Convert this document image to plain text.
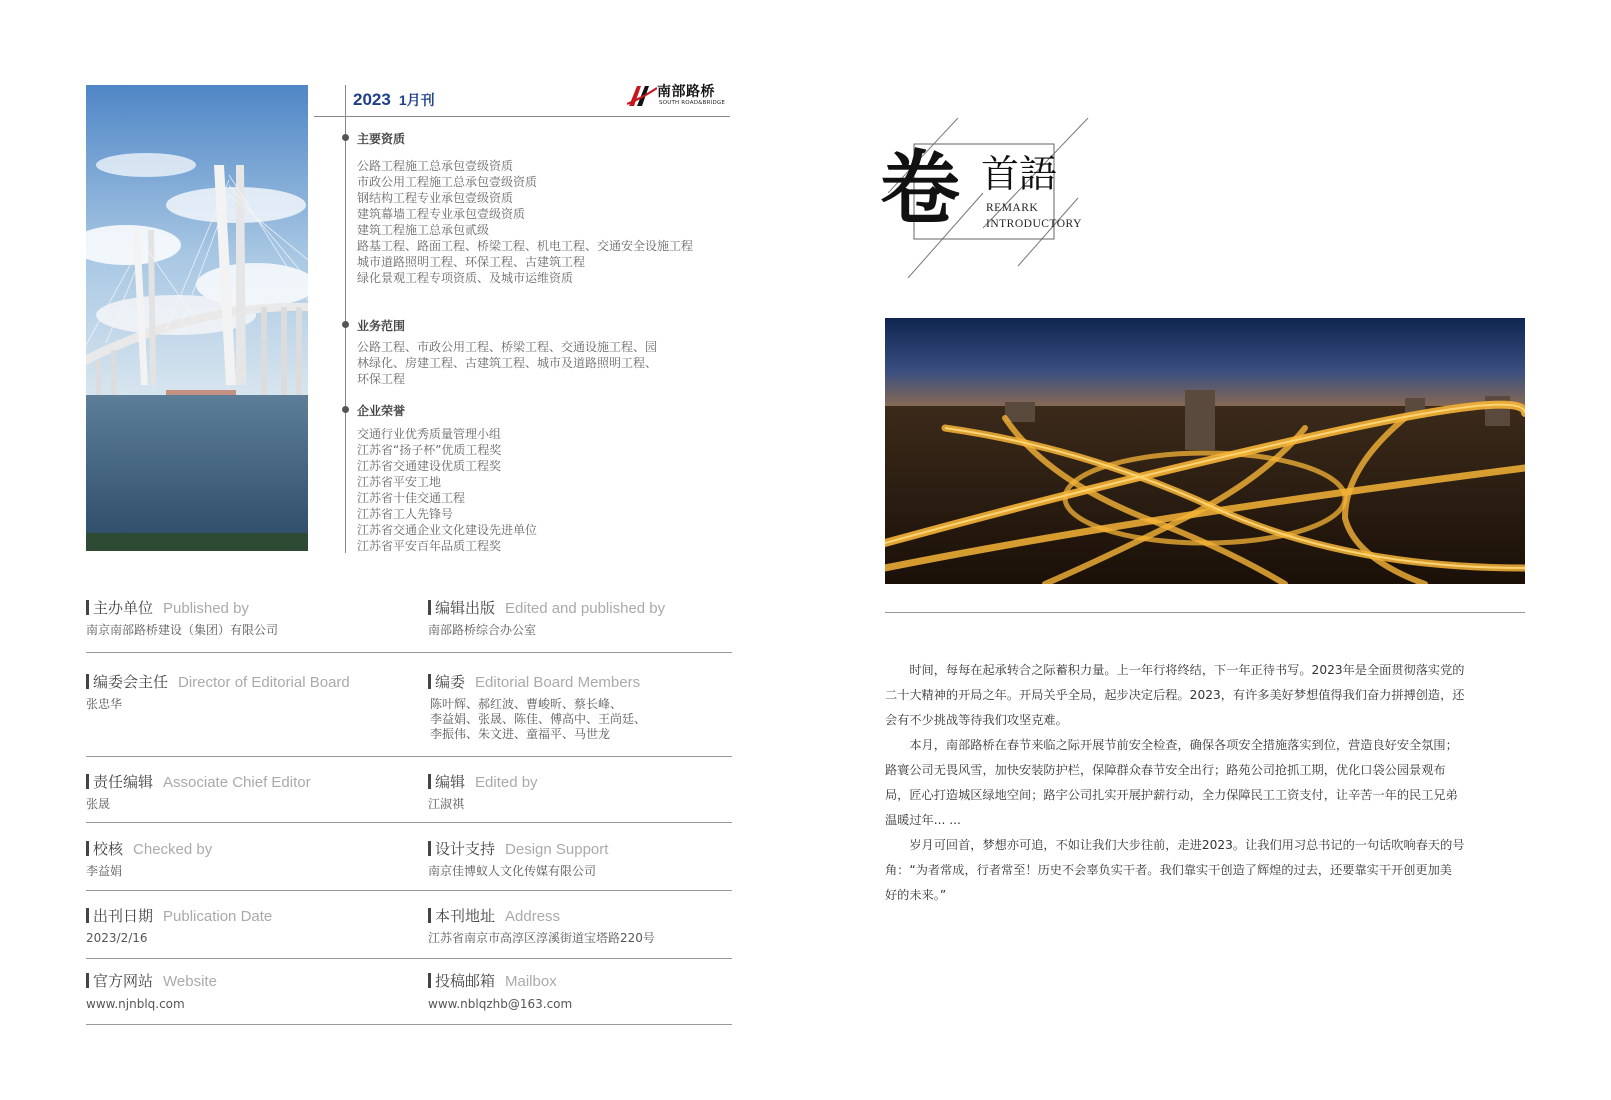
2023 1月刊	南部路桥
SOUTH ROAD&BRIDGE
主要资质
公路工程施工总承包壹级资质
市政公用工程施工总承包壹级资质
钢结构工程专业承包壹级资质
建筑幕墙工程专业承包壹级资质
建筑工程施工总承包贰级
路基工程、路面工程、桥梁工程、机电工程、交通安全设施工程
城市道路照明工程、环保工程、古建筑工程
绿化景观工程专项资质、及城市运维资质
业务范围
公路工程、市政公用工程、桥梁工程、交通设施工程、园
林绿化、房建工程、古建筑工程、城市及道路照明工程、
环保工程
企业荣誉
交通行业优秀质量管理小组
江苏省“扬子杯”优质工程奖
江苏省交通建设优质工程奖
江苏省平安工地
江苏省十佳交通工程
江苏省工人先锋号
江苏省交通企业文化建设先进单位
江苏省平安百年品质工程奖
主办单位 Published by
南京南部路桥建设（集团）有限公司
编辑出版 Edited and published by
南部路桥综合办公室
编委会主任 Director of Editorial Board
张忠华
编委 Editorial Board Members
陈叶辉、郝红波、曹峻昕、蔡长峰、
李益娟、张晟、陈佳、傅高中、王尚廷、
李振伟、朱文进、童福平、马世龙
责任编辑 Associate Chief Editor
张晟
编辑 Edited by
江淑祺
校核 Checked by
李益娟
设计支持 Design Support
南京佳博蚁人文化传媒有限公司
出刊日期 Publication Date
2023/2/16
本刊地址 Address
江苏省南京市高淳区淳溪街道宝塔路220号
官方网站 Website
www.njnblq.com
投稿邮箱 Mailbox
www.nblqzhb@163.com
卷 首語
REMARK
INTRODUCTORY
　　时间，每每在起承转合之际蓄积力量。上一年行将终结，下一年正待书写。2023年是全面贯彻落实党的
二十大精神的开局之年。开局关乎全局，起步决定后程。2023，有许多美好梦想值得我们奋力拼搏创造，还
会有不少挑战等待我们攻坚克难。
　　本月，南部路桥在春节来临之际开展节前安全检查，确保各项安全措施落实到位，营造良好安全氛围；
路寰公司无畏风雪，加快安装防护栏，保障群众春节安全出行；路苑公司抢抓工期，优化口袋公园景观布
局，匠心打造城区绿地空间；路宇公司扎实开展护薪行动，全力保障民工工资支付，让辛苦一年的民工兄弟
温暖过年... ...
　　岁月可回首，梦想亦可追，不如让我们大步往前，走进2023。让我们用习总书记的一句话吹响春天的号
角：“为者常成，行者常至！历史不会辜负实干者。我们靠实干创造了辉煌的过去，还要靠实干开创更加美
好的未来。”
